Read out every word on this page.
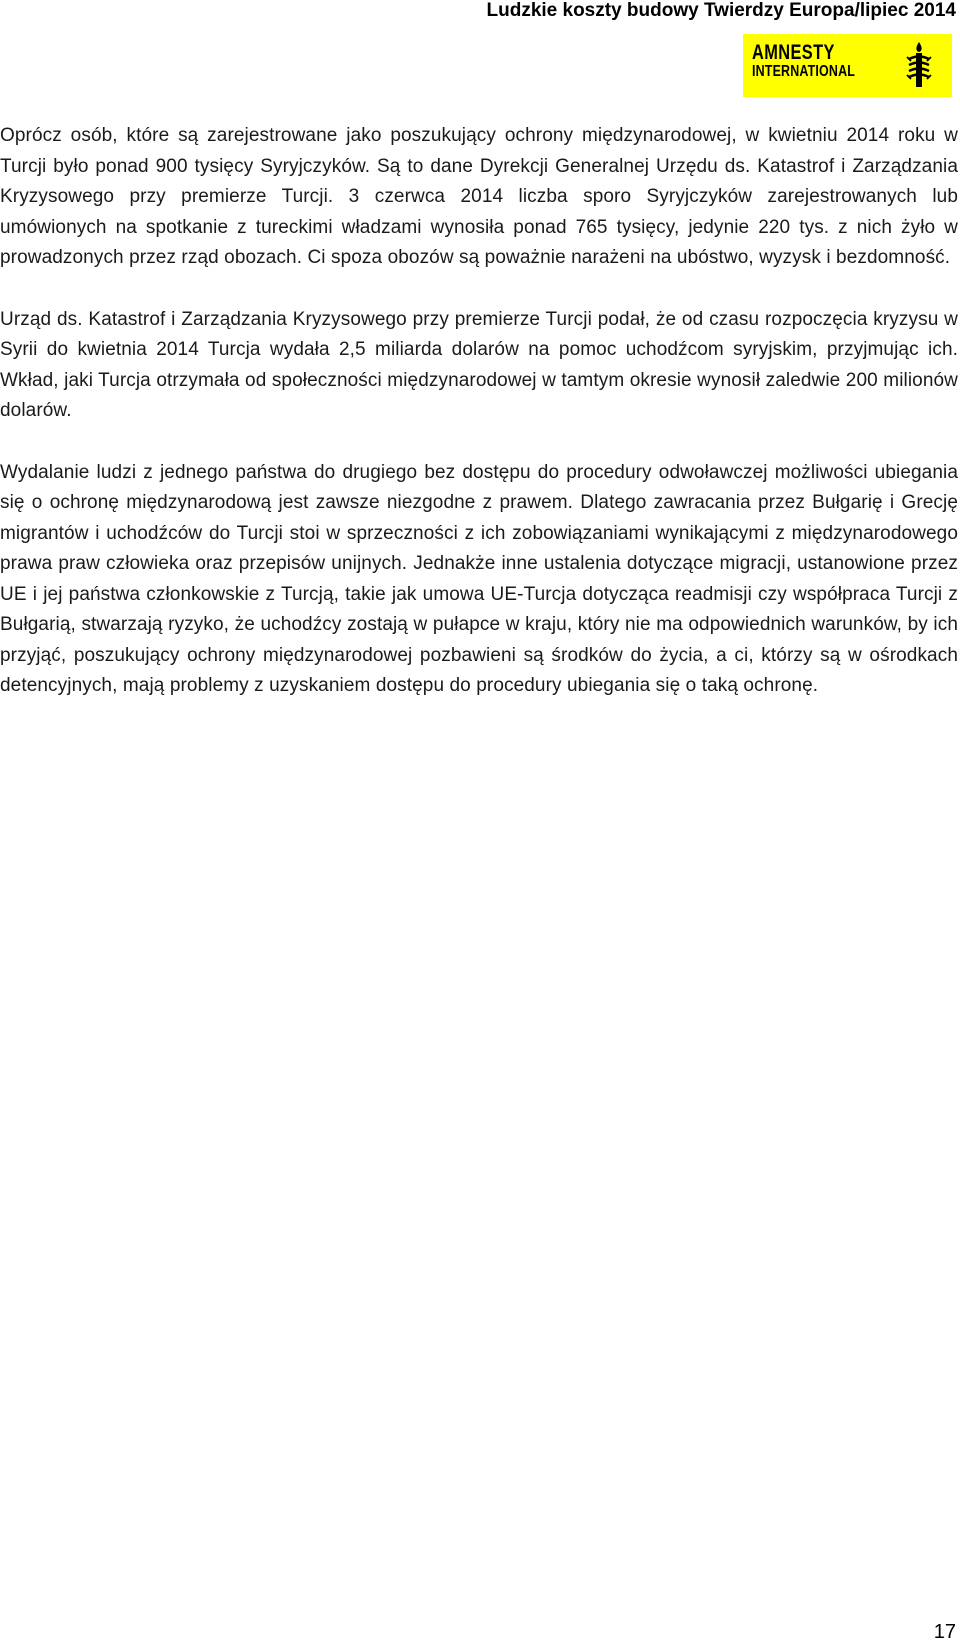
Ludzkie koszty budowy Twierdzy Europa/lipiec 2014
AMNESTY
INTERNATIONAL

Oprócz osób, które są zarejestrowane jako poszukujący ochrony międzynarodowej, w kwietniu 2014 roku w Turcji było ponad 900 tysięcy Syryjczyków. Są to dane Dyrekcji Generalnej Urzędu ds. Katastrof i Zarządzania Kryzysowego przy premierze Turcji. 3 czerwca 2014 liczba sporo Syryjczyków zarejestrowanych lub umówionych na spotkanie z tureckimi władzami wynosiła ponad 765 tysięcy, jedynie 220 tys. z nich żyło w prowadzonych przez rząd obozach. Ci spoza obozów są poważnie narażeni na ubóstwo, wyzysk i bezdomność.

Urząd ds. Katastrof i Zarządzania Kryzysowego przy premierze Turcji podał, że od czasu rozpoczęcia kryzysu w Syrii do kwietnia 2014 Turcja wydała 2,5 miliarda dolarów na pomoc uchodźcom syryjskim, przyjmując ich. Wkład, jaki Turcja otrzymała od społeczności międzynarodowej w tamtym okresie wynosił zaledwie 200 milionów dolarów.

Wydalanie ludzi z jednego państwa do drugiego bez dostępu do procedury odwoławczej możliwości ubiegania się o ochronę międzynarodową jest zawsze niezgodne z prawem. Dlatego zawracania przez Bułgarię i Grecję migrantów i uchodźców do Turcji stoi w sprzeczności z ich zobowiązaniami wynikającymi z międzynarodowego prawa praw człowieka oraz przepisów unijnych. Jednakże inne ustalenia dotyczące migracji, ustanowione przez UE i jej państwa członkowskie z Turcją, takie jak umowa UE-Turcja dotycząca readmisji czy współpraca Turcji z Bułgarią, stwarzają ryzyko, że uchodźcy zostają w pułapce w kraju, który nie ma odpowiednich warunków, by ich przyjąć, poszukujący ochrony międzynarodowej pozbawieni są środków do życia, a ci, którzy są w ośrodkach detencyjnych, mają problemy z uzyskaniem dostępu do procedury ubiegania się o taką ochronę.

17
